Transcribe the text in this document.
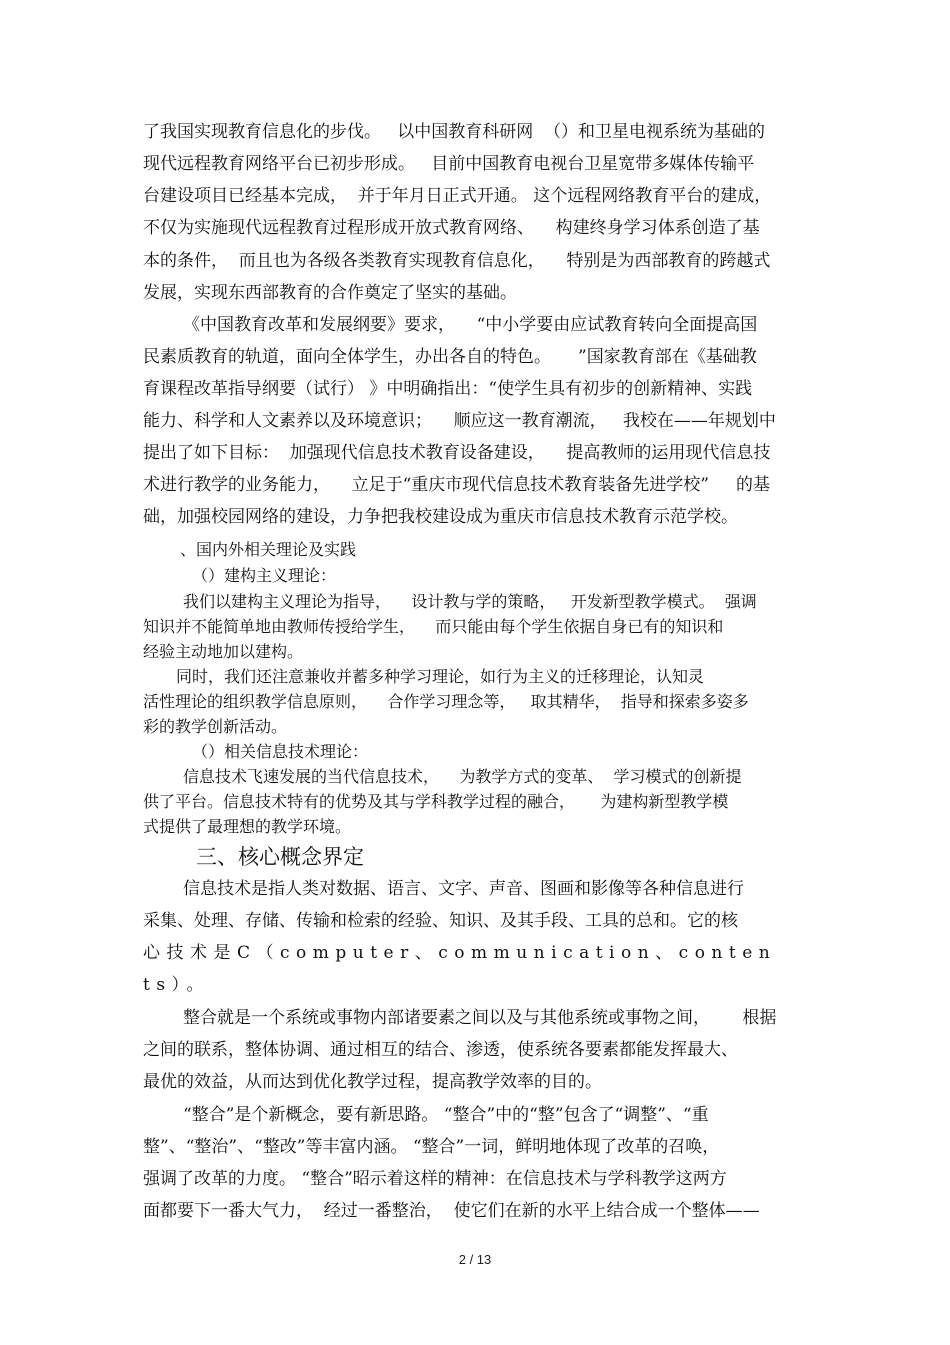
了我国实现教育信息化的步伐。   以中国教育科研网  （）和卫星电视系统为基础的
现代远程教育网络平台已初步形成。   目前中国教育电视台卫星宽带多媒体传输平
台建设项目已经基本完成，  并于年月日正式开通。 这个远程网络教育平台的建成，
不仅为实施现代远程教育过程形成开放式教育网络、    构建终身学习体系创造了基
本的条件，  而且也为各级各类教育实现教育信息化，    特别是为西部教育的跨越式
发展，实现东西部教育的合作奠定了坚实的基础。
《中国教育改革和发展纲要》要求，    “中小学要由应试教育转向全面提高国
民素质教育的轨道，面向全体学生，办出各自的特色。     ”国家教育部在《基础教
育课程改革指导纲要（试行） 》中明确指出：“使学生具有初步的创新精神、实践
能力、科学和人文素养以及环境意识；    顺应这一教育潮流，   我校在——年规划中
提出了如下目标：  加强现代信息技术教育设备建设，    提高教师的运用现代信息技
术进行教学的业务能力，    立足于“重庆市现代信息技术教育装备先进学校”     的基
础，加强校园网络的建设，力争把我校建设成为重庆市信息技术教育示范学校。
、国内外相关理论及实践
（）建构主义理论：
我们以建构主义理论为指导，    设计教与学的策略，   开发新型教学模式。  强调
知识并不能简单地由教师传授给学生，    而只能由每个学生依据自身已有的知识和
经验主动地加以建构。
同时，我们还注意兼收并蓄多种学习理论，如行为主义的迁移理论，认知灵
活性理论的组织教学信息原则，    合作学习理念等，   取其精华，  指导和探索多姿多
彩的教学创新活动。
（）相关信息技术理论：
信息技术飞速发展的当代信息技术，    为教学方式的变革、  学习模式的创新提
供了平台。信息技术特有的优势及其与学科教学过程的融合，     为建构新型教学模
式提供了最理想的教学环境。
三、核心概念界定
信息技术是指人类对数据、语言、文字、声音、图画和影像等各种信息进行
采集、处理、存储、传输和检索的经验、知识、及其手段、工具的总和。它的核
心技术是C（computer、communication、conten
ts）。
整合就是一个系统或事物内部诸要素之间以及与其他系统或事物之间，      根据
之间的联系，整体协调、通过相互的结合、渗透，使系统各要素都能发挥最大、
最优的效益，从而达到优化教学过程，提高教学效率的目的。
“整合”是个新概念，要有新思路。 “整合”中的“整”包含了“调整”、“重
整”、“整治”、“整改”等丰富内涵。 “整合”一词，鲜明地体现了改革的召唤，
强调了改革的力度。 “整合”昭示着这样的精神：在信息技术与学科教学这两方
面都要下一番大气力，  经过一番整治，  使它们在新的水平上结合成一个整体——
2 / 13
